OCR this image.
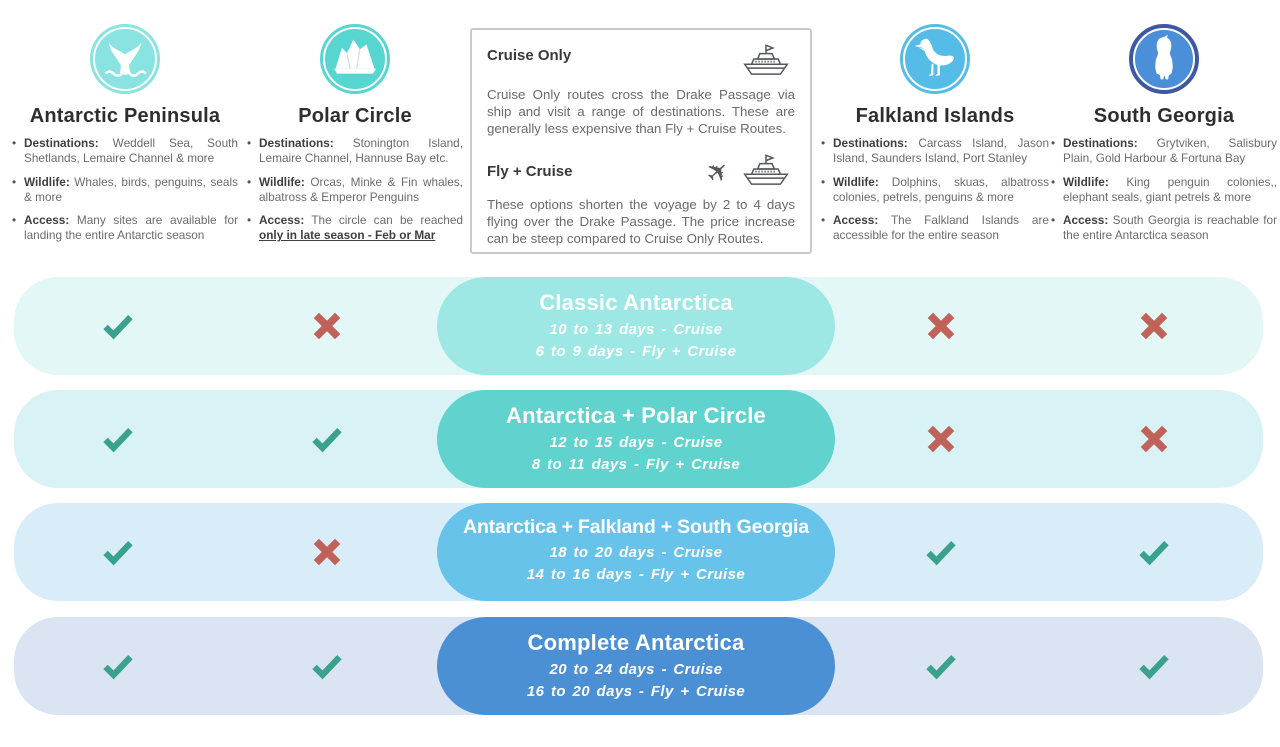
Antarctic Peninsula
• Destinations: Weddell Sea, South Shetlands, Lemaire Channel & more
• Wildlife: Whales, birds, penguins, seals & more
• Access: Many sites are available for landing the entire Antarctic season
Polar Circle
• Destinations: Stonington Island, Lemaire Channel, Hannuse Bay etc.
• Wildlife: Orcas, Minke & Fin whales, albatross & Emperor Penguins
• Access: The circle can be reached only in late season - Feb or Mar
Cruise Only

Cruise Only routes cross the Drake Passage via ship and visit a range of destinations. These are generally less expensive than Fly + Cruise Routes.

Fly + Cruise	✈

These options shorten the voyage by 2 to 4 days flying over the Drake Passage. The price increase can be steep compared to Cruise Only Routes.

Falkland Islands
• Destinations: Carcass Island, Jason Island, Saunders Island, Port Stanley
• Wildlife: Dolphins, skuas, albatross colonies, petrels, penguins & more
• Access: The Falkland Islands are accessible for the entire season
South Georgia
• Destinations: Grytviken, Salisbury Plain, Gold Harbour & Fortuna Bay
• Wildlife: King penguin colonies,, elephant seals, giant petrels & more
• Access: South Georgia is reachable for the entire Antarctica season
Classic Antarctica
10 to 13 days - Cruise
6 to 9 days - Fly + Cruise
Antarctica + Polar Circle
12 to 15 days - Cruise
8 to 11 days - Fly + Cruise
Antarctica + Falkland + South Georgia
18 to 20 days - Cruise
14 to 16 days - Fly + Cruise
Complete Antarctica
20 to 24 days - Cruise
16 to 20 days - Fly + Cruise
